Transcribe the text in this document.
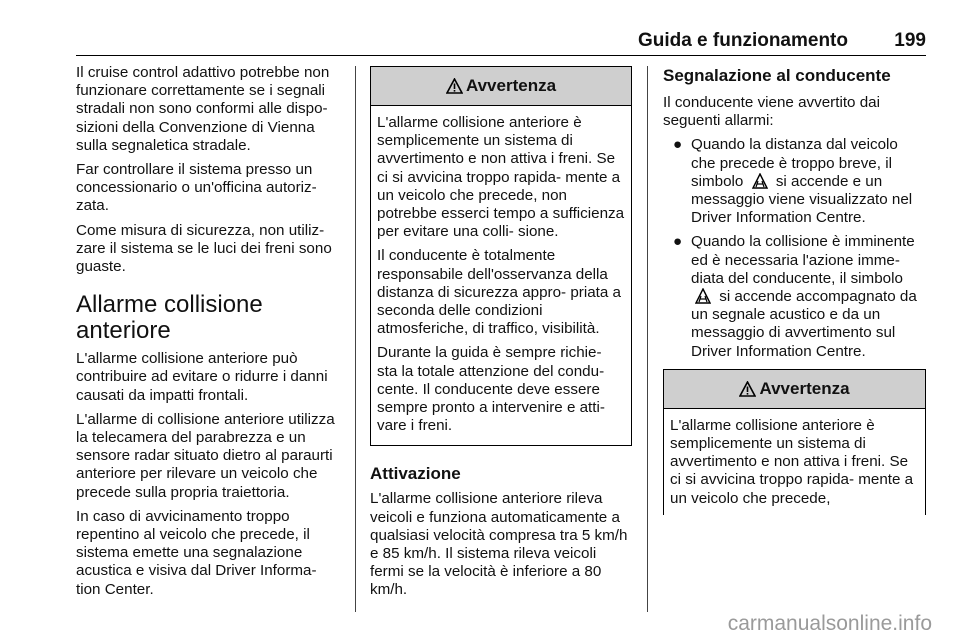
Guida e funzionamento 199

Il cruise control adattivo potrebbe non funzionare correttamente se i segnali stradali non sono conformi alle dispo- sizioni della Convenzione di Vienna sulla segnaletica stradale.

Far controllare il sistema presso un concessionario o un'officina autoriz- zata.

Come misura di sicurezza, non utiliz- zare il sistema se le luci dei freni sono guaste.

Allarme collisione anteriore

L'allarme collisione anteriore può contribuire ad evitare o ridurre i danni causati da impatti frontali.

L'allarme di collisione anteriore utilizza la telecamera del parabrezza e un sensore radar situato dietro al paraurti anteriore per rilevare un veicolo che precede sulla propria traiettoria.

In caso di avvicinamento troppo repentino al veicolo che precede, il sistema emette una segnalazione acustica e visiva dal Driver Informa- tion Center.

Avvertenza

L'allarme collisione anteriore è semplicemente un sistema di avvertimento e non attiva i freni. Se ci si avvicina troppo rapida- mente a un veicolo che precede, non potrebbe esserci tempo a sufficienza per evitare una colli- sione.

Il conducente è totalmente responsabile dell'osservanza della distanza di sicurezza appro- priata a seconda delle condizioni atmosferiche, di traffico, visibilità.

Durante la guida è sempre richie- sta la totale attenzione del condu- cente. Il conducente deve essere sempre pronto a intervenire e atti- vare i freni.

Attivazione

L'allarme collisione anteriore rileva veicoli e funziona automaticamente a qualsiasi velocità compresa tra 5 km/h e 85 km/h. Il sistema rileva veicoli fermi se la velocità è inferiore a 80 km/h.

Segnalazione al conducente

Il conducente viene avvertito dai seguenti allarmi:

● Quando la distanza dal veicolo che precede è troppo breve, il simbolo si accende e un messaggio viene visualizzato nel Driver Information Centre.
● Quando la collisione è imminente ed è necessaria l'azione imme- diata del conducente, il simbolo  si accende accompagnato da un segnale acustico e da un messaggio di avvertimento sul Driver Information Centre.
Avvertenza

L'allarme collisione anteriore è semplicemente un sistema di avvertimento e non attiva i freni. Se ci si avvicina troppo rapida- mente a un veicolo che precede,

carmanualsonline.info
